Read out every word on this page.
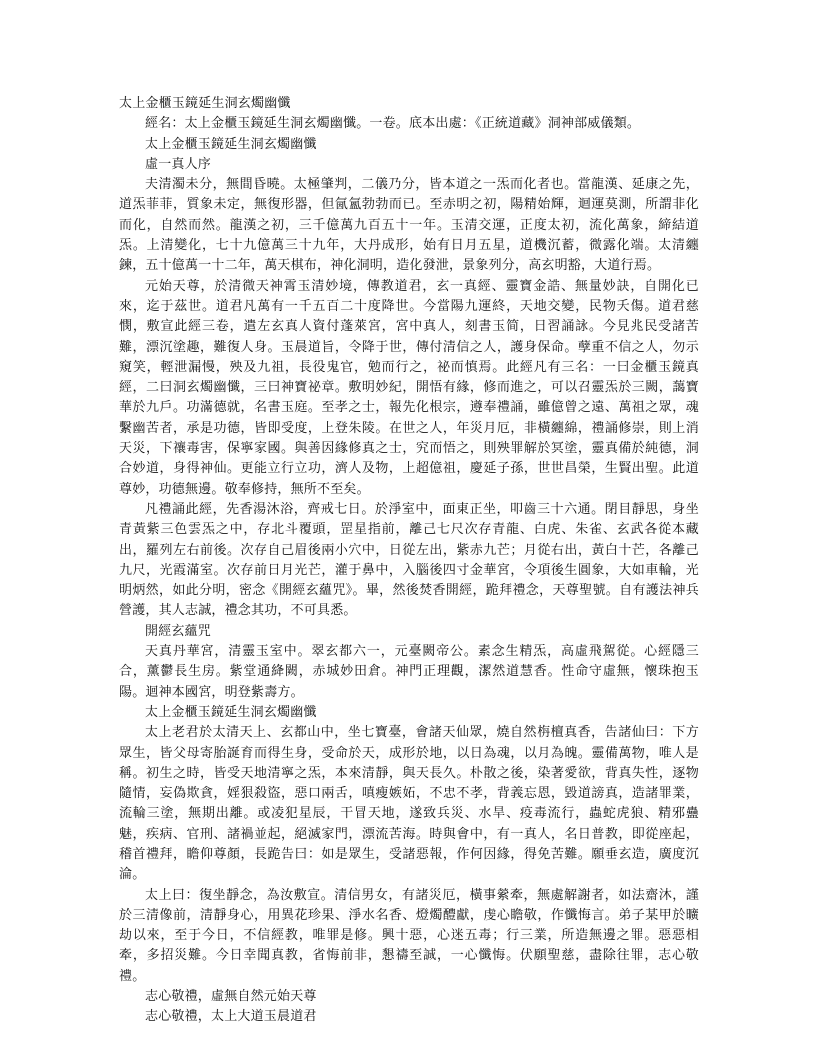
太上金櫃玉鏡延生洞玄燭幽懺

經名：太上金櫃玉鏡延生洞玄燭幽懺。一卷。底本出處：《正統道藏》洞神部威儀類。

太上金櫃玉鏡延生洞玄燭幽懺
虛一真人序

夫清濁未分，無間昏曉。太極肇判，二儀乃分，皆本道之一炁而化者也。當龍漢、延康之先，道炁菲菲，質象未定，無復形器，但氤氳勃勃而已。至赤明之初，陽精始輝，迴運莫測，所謂非化而化，自然而然。龍漢之初，三千億萬九百五十一年。玉清交運，正度太初，流化萬象，締結道炁。上清變化，七十九億萬三十九年，大丹成形，始有日月五星，道機沉蓄，微露化端。太清纏鍊，五十億萬一十二年，萬天棋布，神化洞明，造化發泄，景象列分，高玄明豁，大道行焉。

元始天尊，於清微天神霄玉清妙境，傳教道君，玄一真經、靈寶金誥、無量妙訣，自開化已來，迄于茲世。道君凡萬有一千五百二十度降世。今當陽九運終，天地交變，民物夭傷。道君慈憫，敷宣此經三卷，遣左玄真人資付蓬萊宮，宮中真人，刻書玉简，日習誦詠。今見兆民受諸苦難，漂沉塗趣，難復人身。玉晨道旨，令降于世，傳付清信之人，護身保命。孽重不信之人，勿示窺笑，輕泄漏慢，殃及九祖，長役鬼官，勉而行之，祕而慎焉。此經凡有三名：一曰金櫃玉鏡真經，二曰洞玄燭幽懺，三曰神寶祕章。敷明妙紀，開悟有緣，修而進之，可以召靈炁於三闕，藹寶華於九戶。功滿德就，名書玉庭。至孝之士，報先化根宗，遵奉禮誦，雖億曾之遠、萬祖之眾，魂繫幽苦者，承是功德，皆即受度，上登朱陵。在世之人，年災月厄，非橫纏綿，禮誦修崇，則上消天災，下禳毒害，保寧家國。與善因緣修真之士，究而悟之，則殃罪解於冥塗，靈真備於純德，洞合妙道，身得神仙。更能立行立功，濟人及物，上超億祖，慶延子孫，世世昌榮，生賢出聖。此道尊妙，功德無邊。敬奉修持，無所不至矣。

凡禮誦此經，先香湯沐浴，齊戒七日。於淨室中，面東正坐，叩齒三十六通。閉目靜思，身坐青黃紫三色雲炁之中，存北斗覆頭，罡星指前，離己七尺次存青龍、白虎、朱雀、玄武各從本藏出，羅列左右前後。次存自己眉後兩小穴中，日從左出，紫赤九芒；月從右出，黃白十芒，各離己九尺，光霞滿室。次存前日月光芒，灌于鼻中，入腦後四寸金華宮，令項後生圓象，大如車輪，光明炳然，如此分明，密念《開經玄蘊咒》。畢，然後焚香開經，跪拜禮念，天尊聖號。自有護法神兵營護，其人志誠，禮念其功，不可具悉。

開經玄蘊咒

天真丹華宮，清靈玉室中。翠玄都六一，元臺闕帝公。素念生精炁，高虛飛駕從。心經隱三合，薰鬱長生房。紫堂通絳闕，赤城妙田倉。神門正理觀，潔然道慧香。性命守虛無，懷珠抱玉陽。迴神本國宮，明登紫壽方。

太上金櫃玉鏡延生洞玄燭幽懺

太上老君於太清天上、玄都山中，坐七寶臺，會諸天仙眾，燒自然栴檀真香，告諸仙曰：下方眾生，皆父母寄胎誕育而得生身，受命於天，成形於地，以日為魂，以月為魄。靈備萬物，唯人是稱。初生之時，皆受天地清寧之炁，本來清靜，與天長久。朴散之後，染著愛欲，背真失性，逐物隨情，妄偽欺貪，婬狠殺盜，惡口兩舌，嗔瘦嫉妬，不忠不孝，背義忘恩，毀道謗真，造諸罪業，流輪三塗，無期出離。或凌犯星辰，干冒天地，遂致兵災、水旱、疫毒流行，蟲蛇虎狼、精邪蠱魅，疾病、官刑、諸禍並起，絕滅家門，漂流苦海。時與會中，有一真人，名日普教，即從座起，稽首禮拜，瞻仰尊顏，長跪告曰：如是眾生，受諸惡報，作何因緣，得免苦難。願垂玄造，廣度沉淪。

太上曰：復坐靜念，為汝敷宣。清信男女，有諸災厄，橫事縈牽，無處解謝者，如法齋沐，謹於三清像前，清靜身心，用異花珍果、淨水名香、燈燭醴獻，虔心瞻敬，作懺悔言。弟子某甲於曠劫以來，至于今日，不信經教，唯罪是修。興十惡，心迷五毒；行三業，所造無邊之罪。惡惡相牽，多招災難。今日幸聞真教，省悔前非，懇禱至誠，一心懺悔。伏願聖慈，盡除往罪，志心敬禮。

志心敬禮，虛無自然元始天尊
志心敬禮，太上大道玉晨道君
